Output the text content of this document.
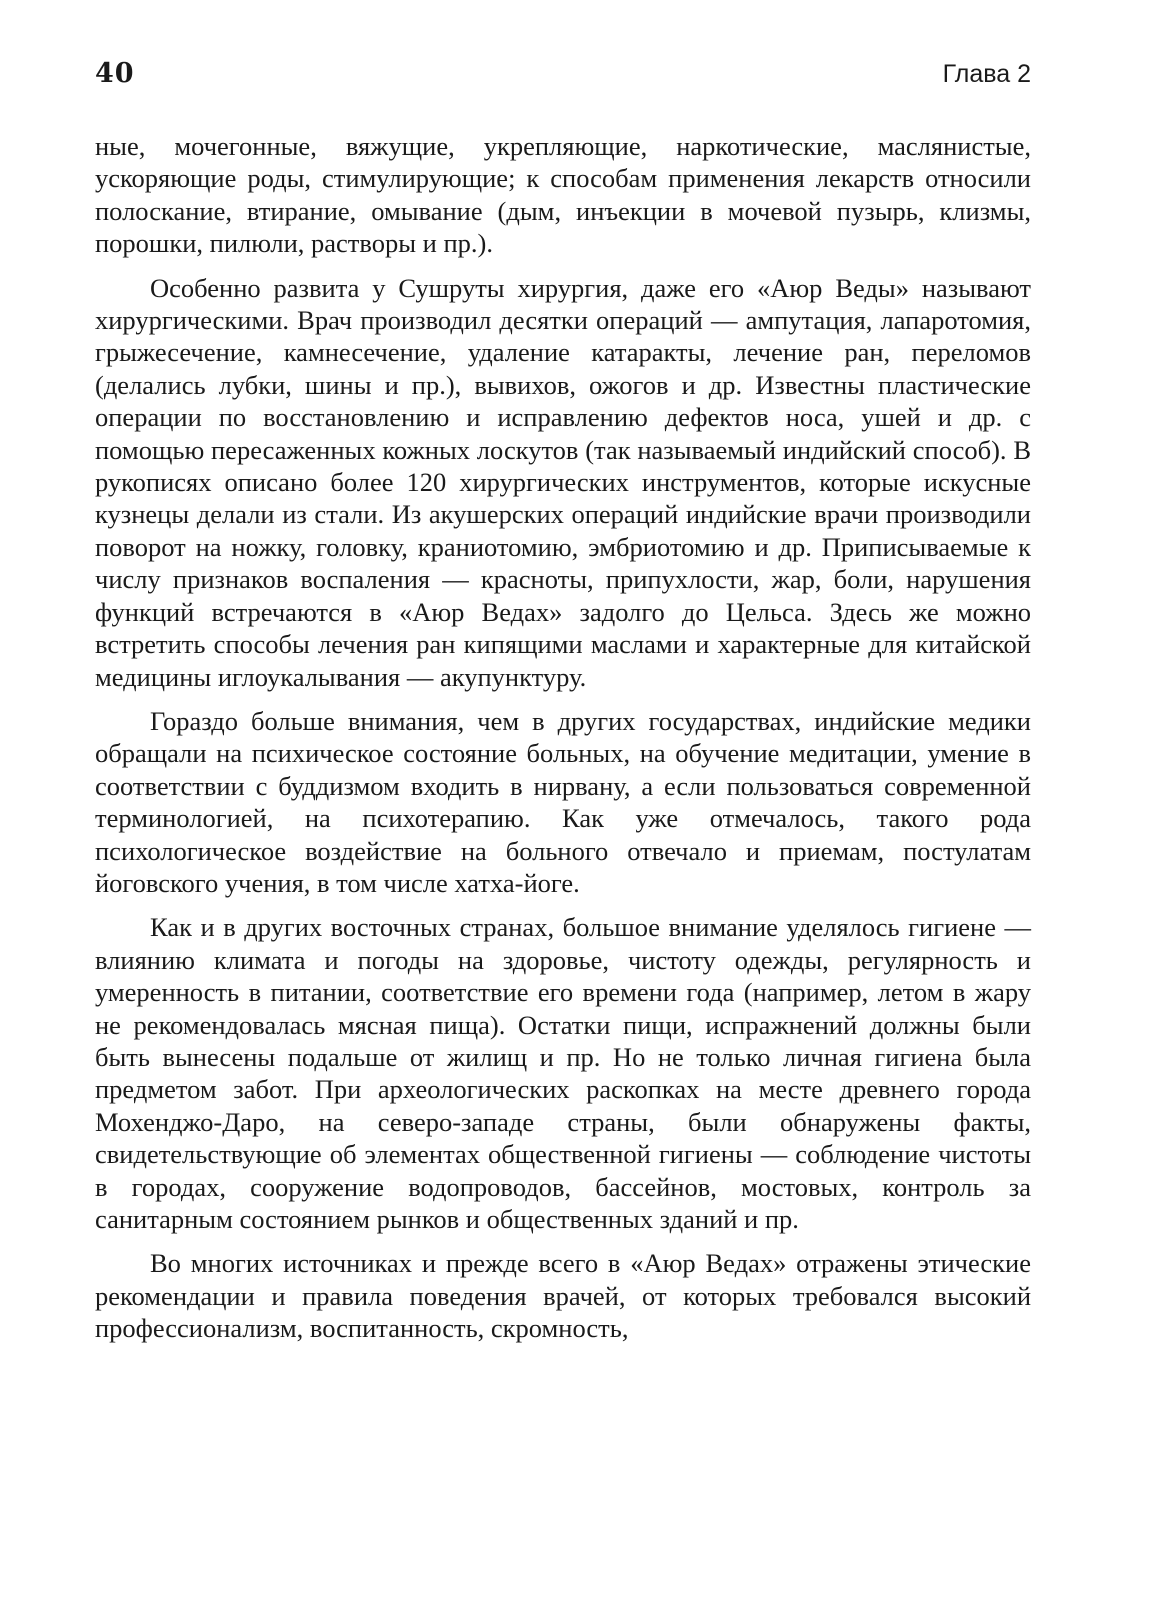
40	Глава 2

ные, мочегонные, вяжущие, укрепляющие, наркотические, маслянистые, ускоряющие роды, стимулирующие; к способам применения лекарств относили полоскание, втирание, омывание (дым, инъекции в мочевой пузырь, клизмы, порошки, пилюли, растворы и пр.).

Особенно развита у Сушруты хирургия, даже его «Аюр Веды» называют хирургическими. Врач производил десятки операций — ампутация, лапаротомия, грыжесечение, камнесечение, удаление катаракты, лечение ран, переломов (делались лубки, шины и пр.), вывихов, ожогов и др. Известны пластические операции по восстановлению и исправлению дефектов носа, ушей и др. с помощью пересаженных кожных лоскутов (так называемый индийский способ). В рукописях описано более 120 хирургических инструментов, которые искусные кузнецы делали из стали. Из акушерских операций индийские врачи производили поворот на ножку, головку, краниотомию, эмбриотомию и др. Приписываемые к числу признаков воспаления — красноты, припухлости, жар, боли, нарушения функций встречаются в «Аюр Ведах» задолго до Цельса. Здесь же можно встретить способы лечения ран кипящими маслами и характерные для китайской медицины иглоукалывания — акупунктуру.

Гораздо больше внимания, чем в других государствах, индийские медики обращали на психическое состояние больных, на обучение медитации, умение в соответствии с буддизмом входить в нирвану, а если пользоваться современной терминологией, на психотерапию. Как уже отмечалось, такого рода психологическое воздействие на больного отвечало и приемам, постулатам йоговского учения, в том числе хатха-йоге.

Как и в других восточных странах, большое внимание уделялось гигиене — влиянию климата и погоды на здоровье, чистоту одежды, регулярность и умеренность в питании, соответствие его времени года (например, летом в жару не рекомендовалась мясная пища). Остатки пищи, испражнений должны были быть вынесены подальше от жилищ и пр. Но не только личная гигиена была предметом забот. При археологических раскопках на месте древнего города Мохенджо-Даро, на северо-западе страны, были обнаружены факты, свидетельствующие об элементах общественной гигиены — соблюдение чистоты в городах, сооружение водопроводов, бассейнов, мостовых, контроль за санитарным состоянием рынков и общественных зданий и пр.

Во многих источниках и прежде всего в «Аюр Ведах» отражены этические рекомендации и правила поведения врачей, от которых требовался высокий профессионализм, воспитанность, скромность,
